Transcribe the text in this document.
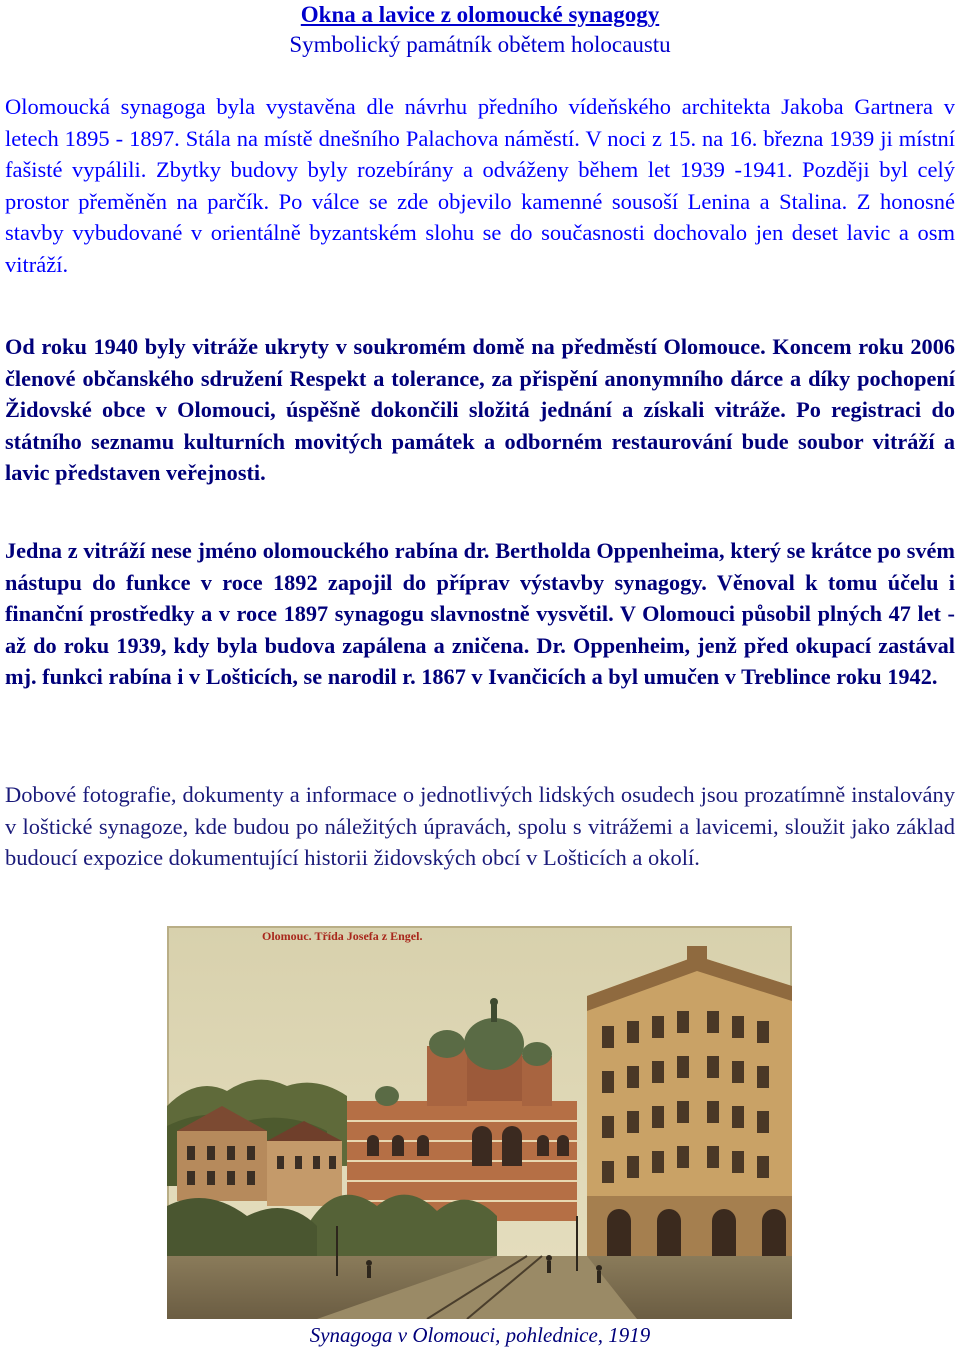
Okna a lavice z olomoucké synagogy
Symbolický památník obětem holocaustu
Olomoucká synagoga byla vystavěna dle návrhu předního vídeňského architekta Jakoba Gartnera v letech 1895 - 1897. Stála na místě dnešního Palachova náměstí. V noci z 15. na 16. března 1939 ji místní fašisté vypálili. Zbytky budovy byly rozebírány a odváženy během let 1939 -1941. Později byl celý prostor přeměněn na parčík. Po válce se zde objevilo kamenné sousoší Lenina a Stalina. Z honosné stavby vybudované v orientálně byzantském slohu se do současnosti dochovalo jen deset lavic a osm vitráží.
Od roku 1940 byly vitráže ukryty v soukromém domě na předměstí Olomouce. Koncem roku 2006 členové občanského sdružení Respekt a tolerance, za přispění anonymního dárce a díky pochopení Židovské obce v Olomouci, úspěšně dokončili složitá jednání a získali vitráže. Po registraci do státního seznamu kulturních movitých památek a odborném restaurování bude soubor vitráží a lavic představen veřejnosti.
Jedna z vitráží nese jméno olomouckého rabína dr. Bertholda Oppenheima, který se krátce po svém nástupu do funkce v roce 1892 zapojil do příprav výstavby synagogy. Věnoval k tomu účelu i finanční prostředky a v roce 1897 synagogu slavnostně vysvětil. V Olomouci působil plných 47 let - až do roku 1939, kdy byla budova zapálena a zničena. Dr. Oppenheim, jenž před okupací zastával mj. funkci rabína i v Lošticích, se narodil r. 1867 v Ivančicích a byl umučen v Treblince roku 1942.
Dobové fotografie, dokumenty a informace o jednotlivých lidských osudech jsou prozatímně instalovány v loštické synagoze, kde budou po náležitých úpravách, spolu s vitrážemi a lavicemi, sloužit jako základ budoucí expozice dokumentující historii židovských obcí v Lošticích a okolí.
Olomouc. Třída Josefa z Engel.
Synagoga v Olomouci, pohlednice, 1919
